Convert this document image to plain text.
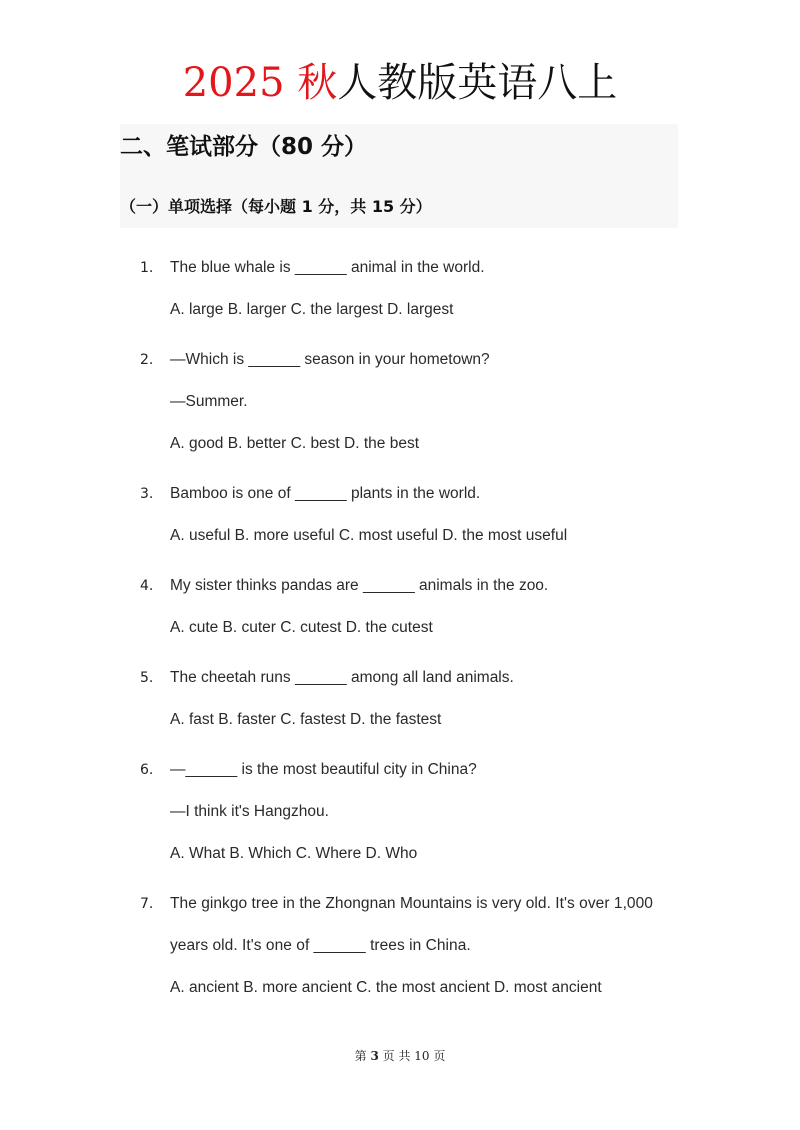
2025 秋人教版英语八上
二、笔试部分（80 分）
（一）单项选择（每小题 1 分，共 15 分）
1.	The blue whale is ______ animal in the world.
A. large B. larger C. the largest D. largest
2.	—Which is ______ season in your hometown?
—Summer.
A. good B. better C. best D. the best
3.	Bamboo is one of ______ plants in the world.
A. useful B. more useful C. most useful D. the most useful
4.	My sister thinks pandas are ______ animals in the zoo.
A. cute B. cuter C. cutest D. the cutest
5.	The cheetah runs ______ among all land animals.
A. fast B. faster C. fastest D. the fastest
6.	—______ is the most beautiful city in China?
—I think it's Hangzhou.
A. What B. Which C. Where D. Who
7.	The ginkgo tree in the Zhongnan Mountains is very old. It's over 1,000 years old. It's one of ______ trees in China.
A. ancient B. more ancient C. the most ancient D. most ancient
第 3 页 共 10 页
